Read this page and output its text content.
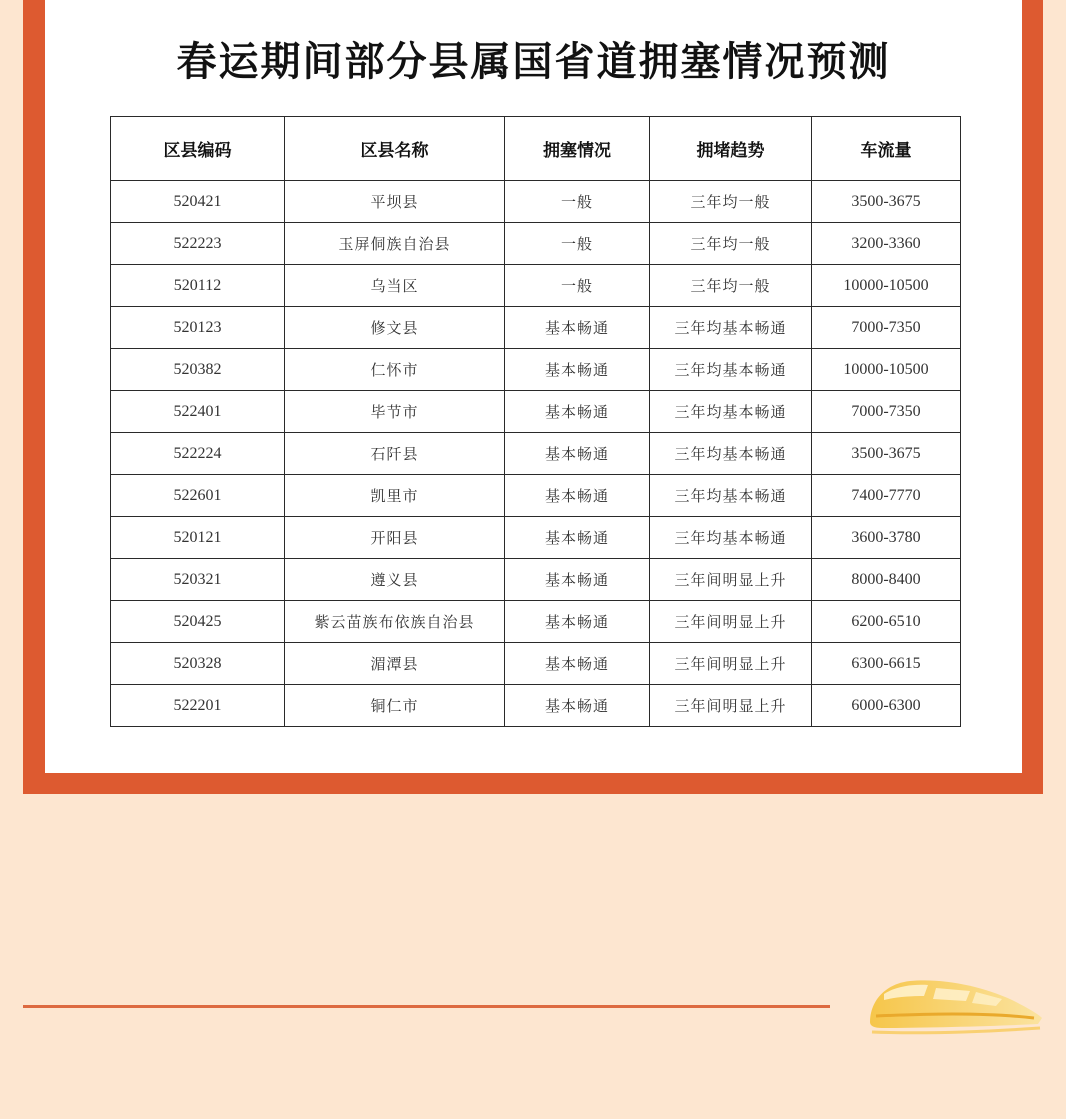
春运期间部分县属国省道拥塞情况预测
区县编码	区县名称	拥塞情况	拥堵趋势	车流量
520421	平坝县	一般	三年均一般	3500-3675
522223	玉屏侗族自治县	一般	三年均一般	3200-3360
520112	乌当区	一般	三年均一般	10000-10500
520123	修文县	基本畅通	三年均基本畅通	7000-7350
520382	仁怀市	基本畅通	三年均基本畅通	10000-10500
522401	毕节市	基本畅通	三年均基本畅通	7000-7350
522224	石阡县	基本畅通	三年均基本畅通	3500-3675
522601	凯里市	基本畅通	三年均基本畅通	7400-7770
520121	开阳县	基本畅通	三年均基本畅通	3600-3780
520321	遵义县	基本畅通	三年间明显上升	8000-8400
520425	紫云苗族布依族自治县	基本畅通	三年间明显上升	6200-6510
520328	湄潭县	基本畅通	三年间明显上升	6300-6615
522201	铜仁市	基本畅通	三年间明显上升	6000-6300
